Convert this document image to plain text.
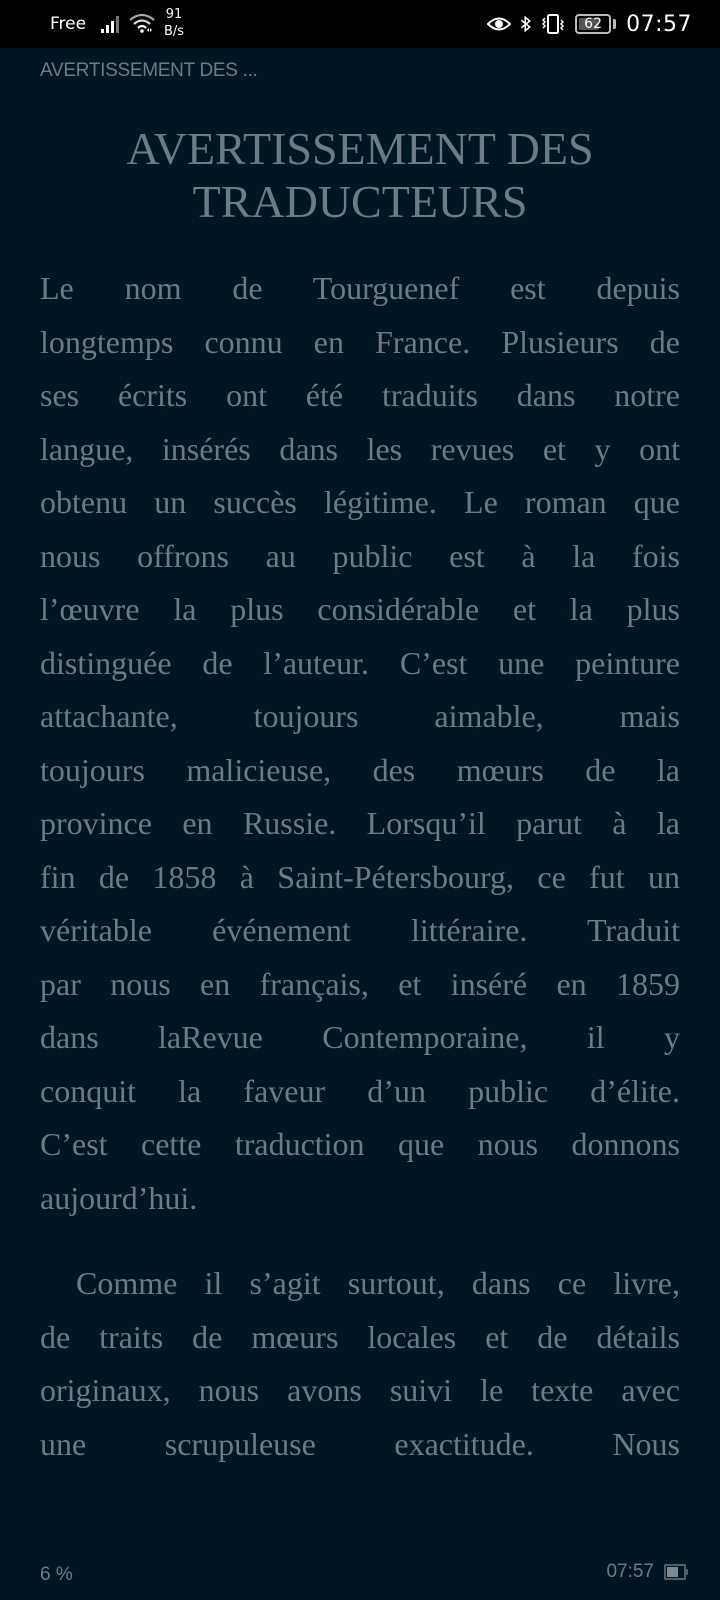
Free	91
B/s	62 07:57
AVERTISSEMENT DES ...
AVERTISSEMENT DES TRADUCTEURS
Le nom de Tourguenef est depuis
longtemps connu en France. Plusieurs de
ses écrits ont été traduits dans notre
langue, insérés dans les revues et y ont
obtenu un succès légitime. Le roman que
nous offrons au public est à la fois
l’œuvre la plus considérable et la plus
distinguée de l’auteur. C’est une peinture
attachante, toujours aimable, mais
toujours malicieuse, des mœurs de la
province en Russie. Lorsqu’il parut à la
fin de 1858 à Saint-Pétersbourg, ce fut un
véritable événement littéraire. Traduit
par nous en français, et inséré en 1859
dans laRevue Contemporaine, il y
conquit la faveur d’un public d’élite.
C’est cette traduction que nous donnons
aujourd’hui.
Comme il s’agit surtout, dans ce livre,
de traits de mœurs locales et de détails
originaux, nous avons suivi le texte avec
une scrupuleuse exactitude. Nous
6 %	07:57
